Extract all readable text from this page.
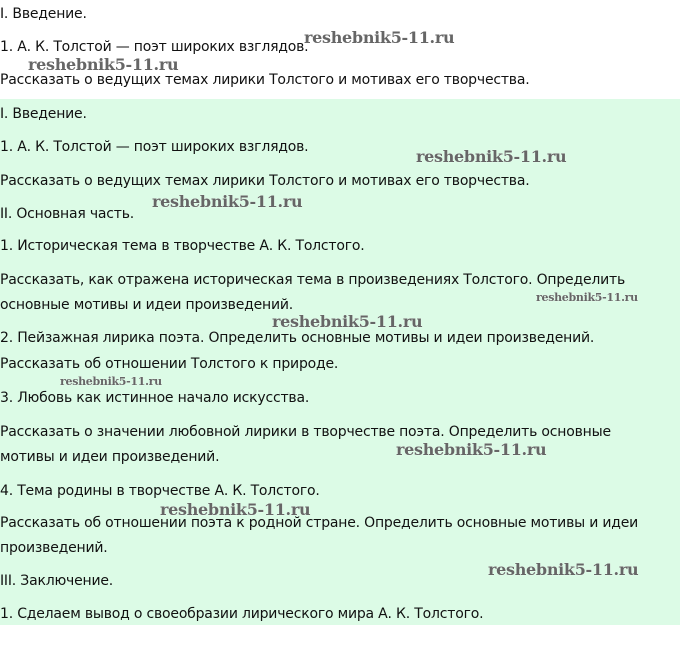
I. Введение.
1. А. К. Толстой — поэт широких взглядов.
Рассказать о ведущих темах лирики Толстого и мотивах его творчества.
I. Введение.
1. А. К. Толстой — поэт широких взглядов.
Рассказать о ведущих темах лирики Толстого и мотивах его творчества.
II. Основная часть.
1. Историческая тема в творчестве А. К. Толстого.
Рассказать, как отражена историческая тема в произведениях Толстого. Определить основные мотивы и идеи произведений.
2. Пейзажная лирика поэта. Определить основные мотивы и идеи произведений.
Рассказать об отношении Толстого к природе.
3. Любовь как истинное начало искусства.
Рассказать о значении любовной лирики в творчестве поэта. Определить основные мотивы и идеи произведений.
4. Тема родины в творчестве А. К. Толстого.
Рассказать об отношении поэта к родной стране. Определить основные мотивы и идеи произведений.
III. Заключение.
1. Сделаем вывод о своеобразии лирического мира А. К. Толстого.
reshebnik5-11.ru
reshebnik5-11.ru
reshebnik5-11.ru
reshebnik5-11.ru
reshebnik5-11.ru
reshebnik5-11.ru
reshebnik5-11.ru
reshebnik5-11.ru
reshebnik5-11.ru
reshebnik5-11.ru
